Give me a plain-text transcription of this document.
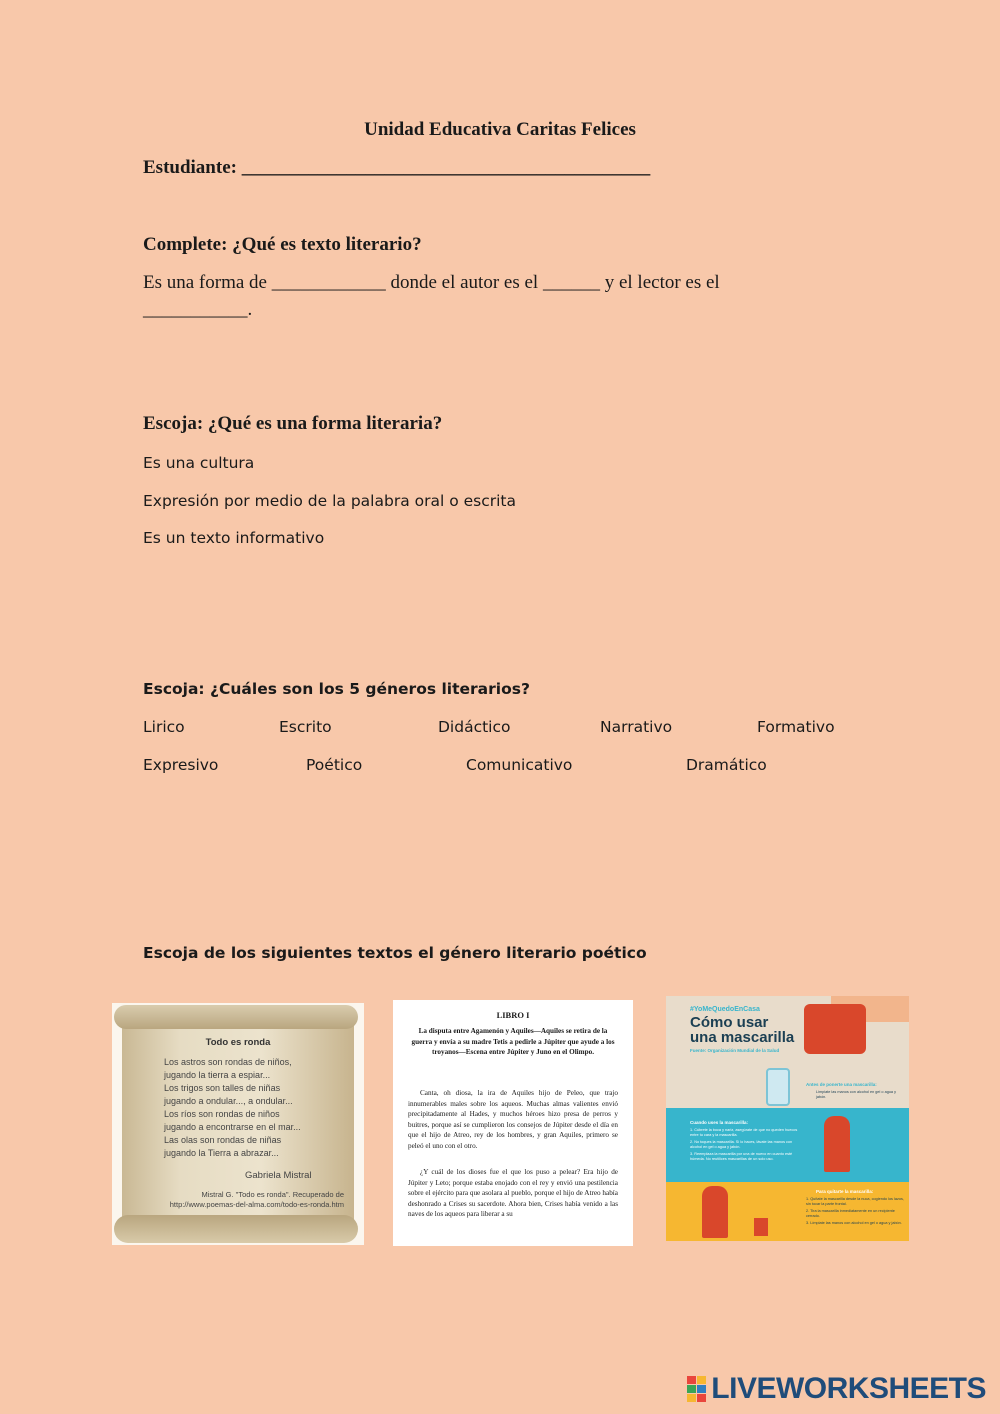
Unidad Educativa Caritas Felices
Estudiante: ___________________________________________
Complete: ¿Qué es texto literario?
Es una forma de ____________ donde el autor es el ______ y el lector es el
___________.
Escoja: ¿Qué es una forma literaria?
Es una cultura
Expresión por medio de la palabra oral o escrita
Es un texto informativo
Escoja: ¿Cuáles son los 5 géneros literarios?
Lirico	Escrito	Didáctico	Narrativo	Formativo
Expresivo	Poético	Comunicativo	Dramático
Escoja de los siguientes textos el género literario poético
Todo es ronda
Los astros son rondas de niños,
jugando la tierra a espiar...
Los trigos son talles de niñas
jugando a ondular..., a ondular...
Los ríos son rondas de niños
jugando a encontrarse en el mar...
Las olas son rondas de niñas
jugando la Tierra a abrazar...
Gabriela Mistral
Mistral G. "Todo es ronda". Recuperado de
http://www.poemas-del-alma.com/todo-es-ronda.htm
LIBRO I
La disputa entre Agamenón y Aquiles—Aquiles se retira de la guerra y envía a su madre Tetis a pedirle a Júpiter que ayude a los troyanos—Escena entre Júpiter y Juno en el Olimpo.
Canta, oh diosa, la ira de Aquiles hijo de Peleo, que trajo innumerables males sobre los aqueos. Muchas almas valientes envió precipitadamente al Hades, y muchos héroes hizo presa de perros y buitres, porque así se cumplieron los consejos de Júpiter desde el día en que el hijo de Atreo, rey de los hombres, y gran Aquiles, primero se peleó el uno con el otro.
¿Y cuál de los dioses fue el que los puso a pelear? Era hijo de Júpiter y Leto; porque estaba enojado con el rey y envió una pestilencia sobre el ejército para que asolara al pueblo, porque el hijo de Atreo había deshonrado a Crises su sacerdote. Ahora bien, Crises había venido a las naves de los aqueos para liberar a su
#YoMeQuedoEnCasa
Cómo usar
una mascarilla
Fuente: Organización Mundial de la Salud
Antes de ponerte una mascarilla:
Limpiate las manos con alcohol en gel o agua y jabón.
Cuando uses la mascarilla:
1. Cúbrete la boca y nariz, asegúrate de que no queden huecos entre tu cara y la mascarilla.
2. No toques la mascarilla. Si lo haces, lávate las manos con alcohol en gel o agua y jabón.
3. Reemplaza la mascarilla por una de nuevo en cuanto esté húmeda. No reutilices mascarillas de un solo uso.
Para quitarte la mascarilla:
1. Quítate la mascarilla desde la nuca, cogiendo los lazos, sin tocar la parte frontal.
2. Tira la mascarilla inmediatamente en un recipiente cerrado.
3. Límpiate las manos con alcohol en gel o agua y jabón.
LIVEWORKSHEETS
